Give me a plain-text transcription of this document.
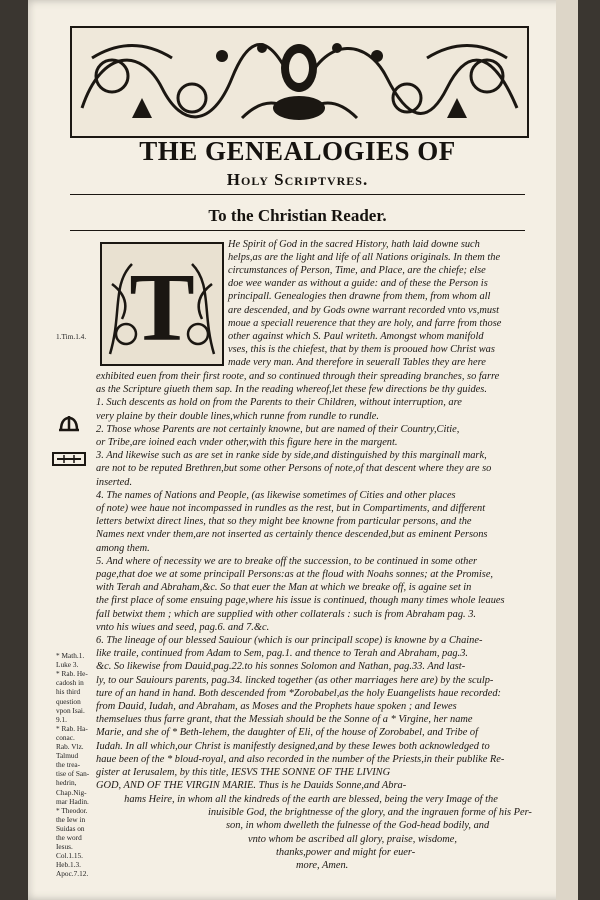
THE GENEALOGIES OF
Holy Scriptvres.
To the Christian Reader.
T

He Spirit of God in the sacred History, hath laid downe such

helps,as are the light and life of all Nations originals. In them the

circumstances of Person, Time, and Place, are the chiefe; else

doe wee wander as without a guide: and of these the Person is

principall. Genealogies then drawne from them, from whom all

are descended, and by Gods owne warrant recorded vnto vs,must

moue a speciall reuerence that they are holy, and farre from those

other against which S. Paul writeth. Amongst whom manifold

vses, this is the chiefest, that by them is prooued how Christ was

made very man. And therefore in seuerall Tables they are here

exhibited euen from their first roote, and so continued through their spreading branches, so farre

as the Scripture giueth them sap. In the reading whereof,let these few directions be thy guides.

1. Such descents as hold on from the Parents to their Children, without interruption, are

very plaine by their double lines,which runne from rundle to rundle.

2. Those whose Parents are not certainly knowne, but are named of their Country,Citie,

or Tribe,are ioined each vnder other,with this figure here in the margent.

3. And likewise such as are set in ranke side by side,and distinguished by this marginall mark,

are not to be reputed Brethren,but some other Persons of note,of that descent where they are so

inserted.

4. The names of Nations and People, (as likewise sometimes of Cities and other places

of note) wee haue not incompassed in rundles as the rest, but in Compartiments, and different

letters betwixt direct lines, that so they might bee knowne from particular persons, and the

Names next vnder them,are not inserted as certainly thence descended,but as eminent Persons

among them.

5. And where of necessity we are to breake off the succession, to be continued in some other

page,that doe we at some principall Persons:as at the floud with Noahs sonnes; at the Promise,

with Terah and Abraham,&c. So that euer the Man at which we breake off, is againe set in

the first place of some ensuing page,where his issue is continued, though many times whole leaues

fall betwixt them ; which are supplied with other collaterals : such is from Abraham pag. 3.

vnto his wiues and seed, pag.6. and 7.&c.

6. The lineage of our blessed Sauiour (which is our principall scope) is knowne by a Chaine-

like traile, continued from Adam to Sem, pag.1. and thence to Terah and Abraham, pag.3.

&c. So likewise from Dauid,pag.22.to his sonnes Solomon and Nathan, pag.33. And last-

ly, to our Sauiours parents, pag.34. lincked together (as other marriages here are) by the sculp-

ture of an hand in hand. Both descended from *Zorobabel,as the holy Euangelists haue recorded:

from Dauid, Iudah, and Abraham, as Moses and the Prophets haue spoken ; and Iewes

themselues thus farre grant, that the Messiah should be the Sonne of a * Virgine, her name

Marie, and she of * Beth-lehem, the daughter of Eli, of the house of Zorobabel, and Tribe of

Iudah. In all which,our Christ is manifestly designed,and by these Iewes both acknowledged to

haue been of the * bloud-royal, and also recorded in the number of the Priests,in their publike Re-

gister at Ierusalem, by this title, IESVS THE SONNE OF THE LIVING

GOD, AND OF THE VIRGIN MARIE. Thus is he Dauids Sonne,and Abra-

hams Heire, in whom all the kindreds of the earth are blessed, being the very Image of the

inuisible God, the brightnesse of the glory, and the ingrauen forme of his Per-

son, in whom dwelleth the fulnesse of the God-head bodily, and

vnto whom be ascribed all glory, praise, wisdome,

thanks,power and might for euer-

more, Amen.

1.Tim.1.4.
* Math.1.
Luke 3.
* Rab. He-
cadosh in
his third
question
vpon Isai.
9.1.
* Rab. Ha-
conac.
Rab. Vlz.
Talmud
the trea-
tise of San-
hedrin,
Chap.Nig-
mar Hadin.
* Theodor.
the Iew in
Suidas on
the word
Iesus.
Col.1.15.
Heb.1.3.
Apoc.7.12.
